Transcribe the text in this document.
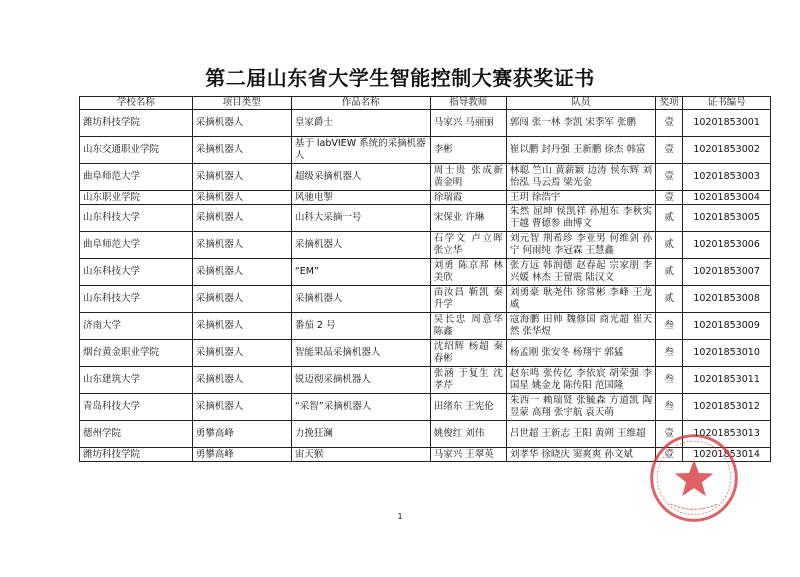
第二届山东省大学生智能控制大赛获奖证书
学校名称	项目类型	作品名称	指导教师	队员	奖项	证书编号
潍坊科技学院	采摘机器人	皇家爵士	马家兴 马丽丽	郭闯 张一林 李凯 宋季军 张鹏	壹	10201853001
山东交通职业学院	采摘机器人	基于 labVIEW 系统的采摘机器人	李彬	崔以鹏 封丹强 王新鹏 徐杰 韩富	壹	10201853002
曲阜师范大学	采摘机器人	超级采摘机器人	周士贵 张成新 黄金明	林聪 竺山 黄薪颖 边涛 侯东辉 刘怡泓 马云焉 梁光金	壹	10201853003
山东职业学院	采摘机器人	风驰电掣	徐瑞霞	王玥 徐浩宇	壹	10201853004
山东科技大学	采摘机器人	山科大采摘一号	宋保业 许琳	朱然 屈坤 侯凯祥 孙旭东 李秋实 于越 曹德参 曲博文	贰	10201853005
曲阜师范大学	采摘机器人	采摘机器人	石学文 卢立晖 张立华	刘元智 荆希珍 李亚男 何维剑 孙宁 何雨纯 李冠霖 王慧鑫	贰	10201853006
山东科技大学	采摘机器人	“EM”	刘勇 陈京邦 林美欣	张方远 韩润德 赵春起 宗家朋 李兴媛 林杰 王留震 陆汉文	贰	10201853007
山东科技大学	采摘机器人	采摘机器人	苗汝昌 靳凯 秦升学	刘勇豪 耿尧伟 徐常彬 李峰 王龙威	贰	10201853008
济南大学	采摘机器人	番茄 2 号	吴长忠 周意华 陈鑫	寇海鹏 田帅 魏修国 商光超 崔天然 张华煜	叁	10201853009
烟台黄金职业学院	采摘机器人	智能果品采摘机器人	沈绍辉 杨超 秦春彬	杨孟刚 张安冬 杨翔宇 郭猛	叁	10201853010
山东建筑大学	采摘机器人	锐迈彻采摘机器人	张涵 于复生 沈孝芹	赵东鸣 张传亿 李依宸 胡荣强 李国星 姚金龙 陈传阳 范国隆	叁	10201853011
青岛科技大学	采摘机器人	“采智”采摘机器人	田绪东 王宪伦	朱西一 赖瑞贤 张毓森 方道凯 陶昱蒙 高翔 张宇航 袁天萌	叁	10201853012
德州学院	勇攀高峰	力挽狂澜	姚俊红 刘伟	吕世超 王新志 王阳 黄朔 王维超	壹	10201853013
潍坊科技学院	勇攀高峰	宙天猴	马家兴 王翠英	刘孝华 徐晓庆 窦爽爽 孙文斌	壹	10201853014
1
